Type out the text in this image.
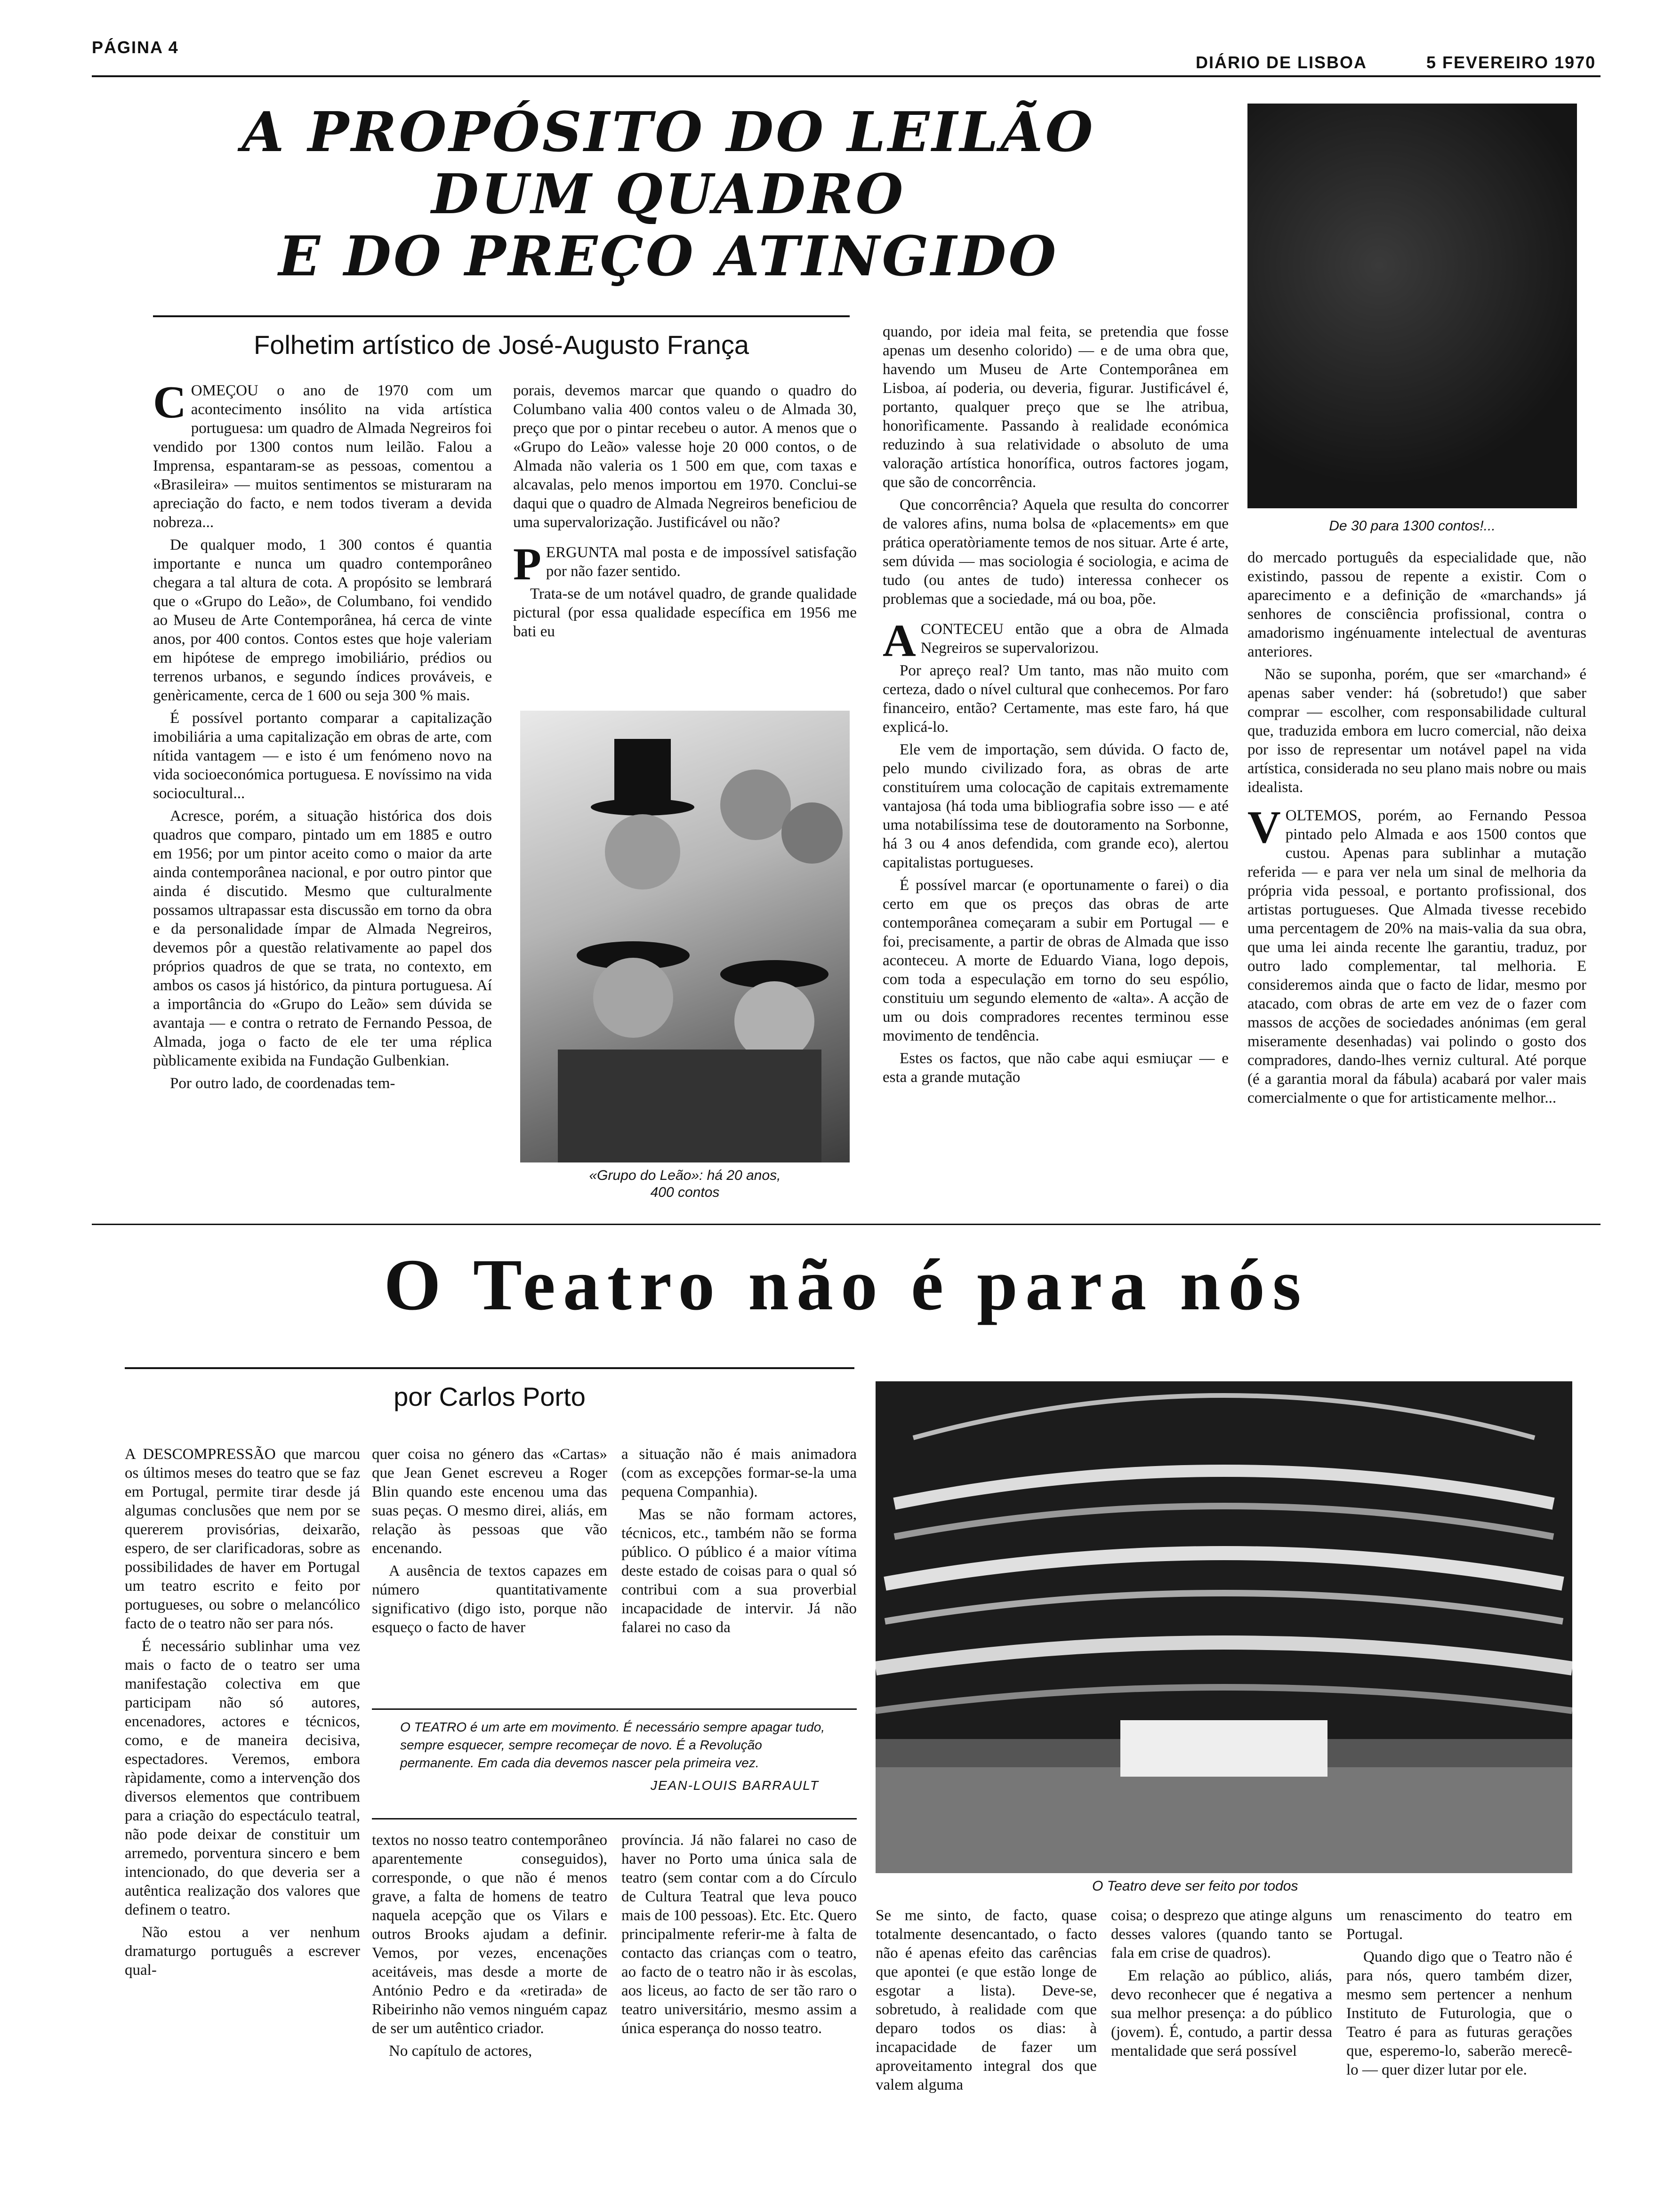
PÁGINA 4
DIÁRIO DE LISBOA	5 FEVEREIRO 1970
A PROPÓSITO DO LEILÃO
DUM QUADRO
E DO PREÇO ATINGIDO
Folhetim artístico de José-Augusto França
De 30 para 1300 contos!...

COMEÇOU o ano de 1970 com um acontecimento insólito na vida artística portuguesa: um quadro de Almada Negreiros foi vendido por 1300 contos num leilão. Falou a Imprensa, espantaram-se as pessoas, comentou a «Brasileira» — muitos sentimentos se misturaram na apreciação do facto, e nem todos tiveram a devida nobreza...

De qualquer modo, 1 300 contos é quantia importante e nunca um quadro contemporâneo chegara a tal altura de cota. A propósito se lembrará que o «Grupo do Leão», de Columbano, foi vendido ao Museu de Arte Contemporânea, há cerca de vinte anos, por 400 contos. Contos estes que hoje valeriam em hipótese de emprego imobiliário, prédios ou terrenos urbanos, e segundo índices prováveis, e genèricamente, cerca de 1 600 ou seja 300 % mais.

É possível portanto comparar a capitalização imobiliária a uma capitalização em obras de arte, com nítida vantagem — e isto é um fenómeno novo na vida socioeconómica portuguesa. E novíssimo na vida sociocultural...

Acresce, porém, a situação histórica dos dois quadros que comparo, pintado um em 1885 e outro em 1956; por um pintor aceito como o maior da arte ainda contemporânea nacional, e por outro pintor que ainda é discutido. Mesmo que culturalmente possamos ultrapassar esta discussão em torno da obra e da personalidade ímpar de Almada Negreiros, devemos pôr a questão relativamente ao papel dos próprios quadros de que se trata, no contexto, em ambos os casos já histórico, da pintura portuguesa. Aí a importância do «Grupo do Leão» sem dúvida se avantaja — e contra o retrato de Fernando Pessoa, de Almada, joga o facto de ele ter uma réplica pùblicamente exibida na Fundação Gulbenkian.

Por outro lado, de coordenadas tem-

porais, devemos marcar que quando o quadro do Columbano valia 400 contos valeu o de Almada 30, preço que por o pintar recebeu o autor. A menos que o «Grupo do Leão» valesse hoje 20 000 contos, o de Almada não valeria os 1 500 em que, com taxas e alcavalas, pelo menos importou em 1970. Conclui-se daqui que o quadro de Almada Negreiros beneficiou de uma supervalorização. Justificável ou não?

PERGUNTA mal posta e de impossível satisfação por não fazer sentido.

Trata-se de um notável quadro, de grande qualidade pictural (por essa qualidade específica em 1956 me bati eu

«Grupo do Leão»: há 20 anos,
400 contos

quando, por ideia mal feita, se pretendia que fosse apenas um desenho colorido) — e de uma obra que, havendo um Museu de Arte Contemporânea em Lisboa, aí poderia, ou deveria, figurar. Justificável é, portanto, qualquer preço que se lhe atribua, honorìficamente. Passando à realidade económica reduzindo à sua relatividade o absoluto de uma valoração artística honorífica, outros factores jogam, que são de concorrência.

Que concorrência? Aquela que resulta do concorrer de valores afins, numa bolsa de «placements» em que prática operatòriamente temos de nos situar. Arte é arte, sem dúvida — mas sociologia é sociologia, e acima de tudo (ou antes de tudo) interessa conhecer os problemas que a sociedade, má ou boa, põe.

ACONTECEU então que a obra de Almada Negreiros se supervalorizou.

Por apreço real? Um tanto, mas não muito com certeza, dado o nível cultural que conhecemos. Por faro financeiro, então? Certamente, mas este faro, há que explicá-lo.

Ele vem de importação, sem dúvida. O facto de, pelo mundo civilizado fora, as obras de arte constituírem uma colocação de capitais extremamente vantajosa (há toda uma bibliografia sobre isso — e até uma notabilíssima tese de doutoramento na Sorbonne, há 3 ou 4 anos defendida, com grande eco), alertou capitalistas portugueses.

É possível marcar (e oportunamente o farei) o dia certo em que os preços das obras de arte contemporânea começaram a subir em Portugal — e foi, precisamente, a partir de obras de Almada que isso aconteceu. A morte de Eduardo Viana, logo depois, com toda a especulação em torno do seu espólio, constituiu um segundo elemento de «alta». A acção de um ou dois compradores recentes terminou esse movimento de tendência.

Estes os factos, que não cabe aqui esmiuçar — e esta a grande mutação

do mercado português da especialidade que, não existindo, passou de repente a existir. Com o aparecimento e a definição de «marchands» já senhores de consciência profissional, contra o amadorismo ingénuamente intelectual de aventuras anteriores.

Não se suponha, porém, que ser «marchand» é apenas saber vender: há (sobretudo!) que saber comprar — escolher, com responsabilidade cultural que, traduzida embora em lucro comercial, não deixa por isso de representar um notável papel na vida artística, considerada no seu plano mais nobre ou mais idealista.

VOLTEMOS, porém, ao Fernando Pessoa pintado pelo Almada e aos 1500 contos que custou. Apenas para sublinhar a mutação referida — e para ver nela um sinal de melhoria da própria vida pessoal, e portanto profissional, dos artistas portugueses. Que Almada tivesse recebido uma percentagem de 20% na mais-valia da sua obra, que uma lei ainda recente lhe garantiu, traduz, por outro lado complementar, tal melhoria. E consideremos ainda que o facto de lidar, mesmo por atacado, com obras de arte em vez de o fazer com massos de acções de sociedades anónimas (em geral miseramente desenhadas) vai polindo o gosto dos compradores, dando-lhes verniz cultural. Até porque (é a garantia moral da fábula) acabará por valer mais comercialmente o que for artisticamente melhor...

O Teatro não é para nós
por Carlos Porto
O Teatro deve ser feito por todos

A DESCOMPRESSÃO que marcou os últimos meses do teatro que se faz em Portugal, permite tirar desde já algumas conclusões que nem por se quererem provisórias, deixarão, espero, de ser clarificadoras, sobre as possibilidades de haver em Portugal um teatro escrito e feito por portugueses, ou sobre o melancólico facto de o teatro não ser para nós.

É necessário sublinhar uma vez mais o facto de o teatro ser uma manifestação colectiva em que participam não só autores, encenadores, actores e técnicos, como, e de maneira decisiva, espectadores. Veremos, embora ràpidamente, como a intervenção dos diversos elementos que contribuem para a criação do espectáculo teatral, não pode deixar de constituir um arremedo, porventura sincero e bem intencionado, do que deveria ser a autêntica realização dos valores que definem o teatro.

Não estou a ver nenhum dramaturgo português a escrever qual-

quer coisa no género das «Cartas» que Jean Genet escreveu a Roger Blin quando este encenou uma das suas peças. O mesmo direi, aliás, em relação às pessoas que vão encenando.

A ausência de textos capazes em número quantitativamente significativo (digo isto, porque não esqueço o facto de haver

a situação não é mais animadora (com as excepções formar-se-la uma pequena Companhia).

Mas se não formam actores, técnicos, etc., também não se forma público. O público é a maior vítima deste estado de coisas para o qual só contribui com a sua proverbial incapacidade de intervir. Já não falarei no caso da

O TEATRO é um arte em movimento. É necessário sempre apagar tudo, sempre esquecer, sempre recomeçar de novo. É a Revolução permanente. Em cada dia devemos nascer pela primeira vez.
JEAN-LOUIS BARRAULT

textos no nosso teatro contemporâneo aparentemente conseguidos), corresponde, o que não é menos grave, a falta de homens de teatro naquela acepção que os Vilars e outros Brooks ajudam a definir. Vemos, por vezes, encenações aceitáveis, mas desde a morte de António Pedro e da «retirada» de Ribeirinho não vemos ninguém capaz de ser um autêntico criador.

No capítulo de actores,

província. Já não falarei no caso de haver no Porto uma única sala de teatro (sem contar com a do Círculo de Cultura Teatral que leva pouco mais de 100 pessoas). Etc. Etc. Quero principalmente referir-me à falta de contacto das crianças com o teatro, ao facto de o teatro não ir às escolas, aos liceus, ao facto de ser tão raro o teatro universitário, mesmo assim a única esperança do nosso teatro.

Se me sinto, de facto, quase totalmente desencantado, o facto não é apenas efeito das carências que apontei (e que estão longe de esgotar a lista). Deve-se, sobretudo, à realidade com que deparo todos os dias: à incapacidade de fazer um aproveitamento integral dos que valem alguma

coisa; o desprezo que atinge alguns desses valores (quando tanto se fala em crise de quadros).

Em relação ao público, aliás, devo reconhecer que é negativa a sua melhor presença: a do público (jovem). É, contudo, a partir dessa mentalidade que será possível

um renascimento do teatro em Portugal.

Quando digo que o Teatro não é para nós, quero também dizer, mesmo sem pertencer a nenhum Instituto de Futurologia, que o Teatro é para as futuras gerações que, esperemo-lo, saberão merecê-lo — quer dizer lutar por ele.
